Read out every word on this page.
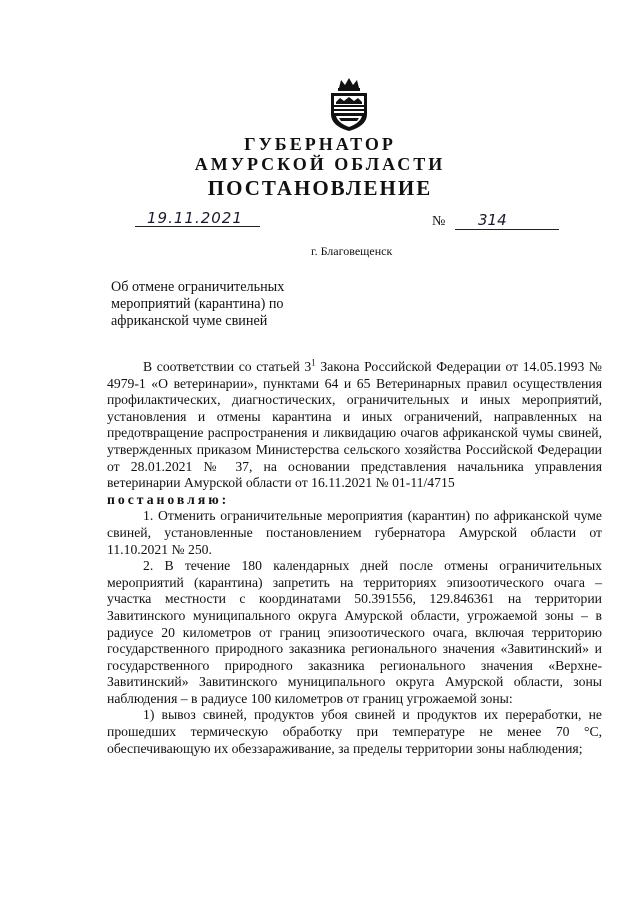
ГУБЕРНАТОР
АМУРСКОЙ ОБЛАСТИ
ПОСТАНОВЛЕНИЕ
19.11.2021	№ 314
г. Благовещенск
Об отмене ограничительных
мероприятий (карантина) по
африканской чуме свиней

В соответствии со статьей $3^1$ Закона Российской Федерации от 14.05.1993 № 4979-1 «О ветеринарии», пунктами 64 и 65 Ветеринарных правил осуществления профилактических, диагностических, ограничительных и иных мероприятий, установления и отмены карантина и иных ограничений, направленных на предотвращение распространения и ликвидацию очагов африканской чумы свиней, утвержденных приказом Министерства сельского хозяйства Российской Федерации от 28.01.2021 № 37, на основании представления начальника управления ветеринарии Амурской области от 16.11.2021 № 01-11/4715

постановляю:

1. Отменить ограничительные мероприятия (карантин) по африканской чуме свиней, установленные постановлением губернатора Амурской области от 11.10.2021 № 250.

2. В течение 180 календарных дней после отмены ограничительных мероприятий (карантина) запретить на территориях эпизоотического очага – участка местности с координатами 50.391556, 129.846361 на территории Завитинского муниципального округа Амурской области, угрожаемой зоны – в радиусе 20 километров от границ эпизоотического очага, включая территорию государственного природного заказника регионального значения «Завитинский» и государственного природного заказника регионального значения «Верхне-Завитинский» Завитинского муниципального округа Амурской области, зоны наблюдения – в радиусе 100 километров от границ угрожаемой зоны:

1) вывоз свиней, продуктов убоя свиней и продуктов их переработки, не прошедших термическую обработку при температуре не менее 70 °С, обеспечивающую их обеззараживание, за пределы территории зоны наблюдения;
